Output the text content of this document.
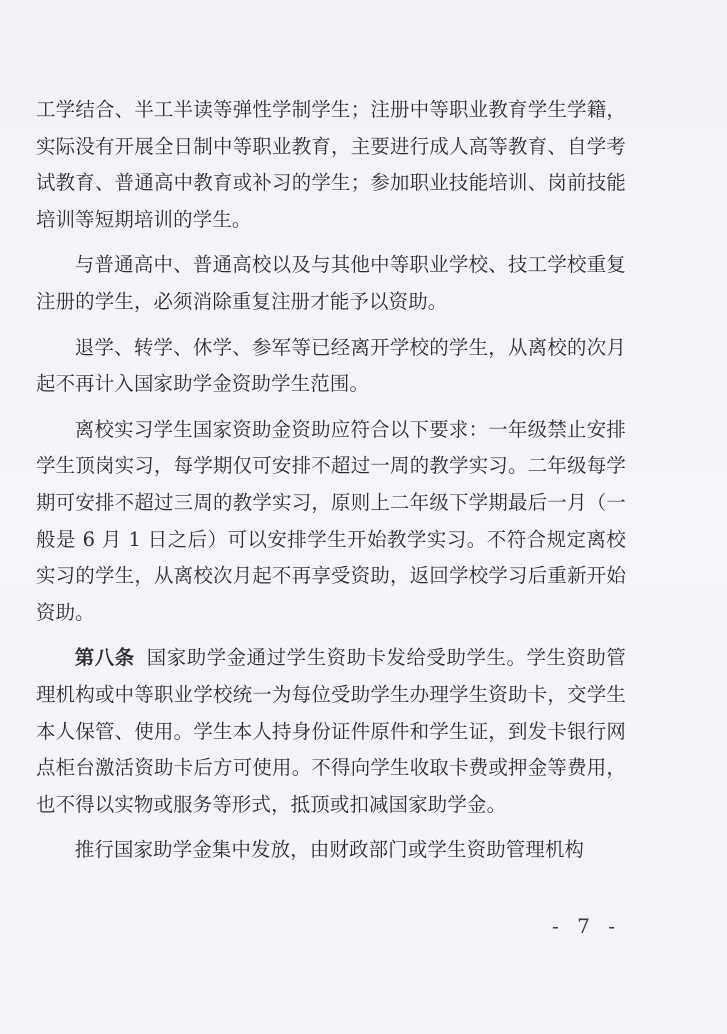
工学结合、半工半读等弹性学制学生；注册中等职业教育学生学籍，实际没有开展全日制中等职业教育，主要进行成人高等教育、自学考试教育、普通高中教育或补习的学生；参加职业技能培训、岗前技能培训等短期培训的学生。

与普通高中、普通高校以及与其他中等职业学校、技工学校重复注册的学生，必须消除重复注册才能予以资助。

退学、转学、休学、参军等已经离开学校的学生，从离校的次月起不再计入国家助学金资助学生范围。

离校实习学生国家资助金资助应符合以下要求：一年级禁止安排学生顶岗实习，每学期仅可安排不超过一周的教学实习。二年级每学期可安排不超过三周的教学实习，原则上二年级下学期最后一月（一般是 6 月 1 日之后）可以安排学生开始教学实习。不符合规定离校实习的学生，从离校次月起不再享受资助，返回学校学习后重新开始资助。

第八条 国家助学金通过学生资助卡发给受助学生。学生资助管理机构或中等职业学校统一为每位受助学生办理学生资助卡，交学生本人保管、使用。学生本人持身份证件原件和学生证，到发卡银行网点柜台激活资助卡后方可使用。不得向学生收取卡费或押金等费用，也不得以实物或服务等形式，抵顶或扣减国家助学金。

推行国家助学金集中发放，由财政部门或学生资助管理机构

- 7 -
